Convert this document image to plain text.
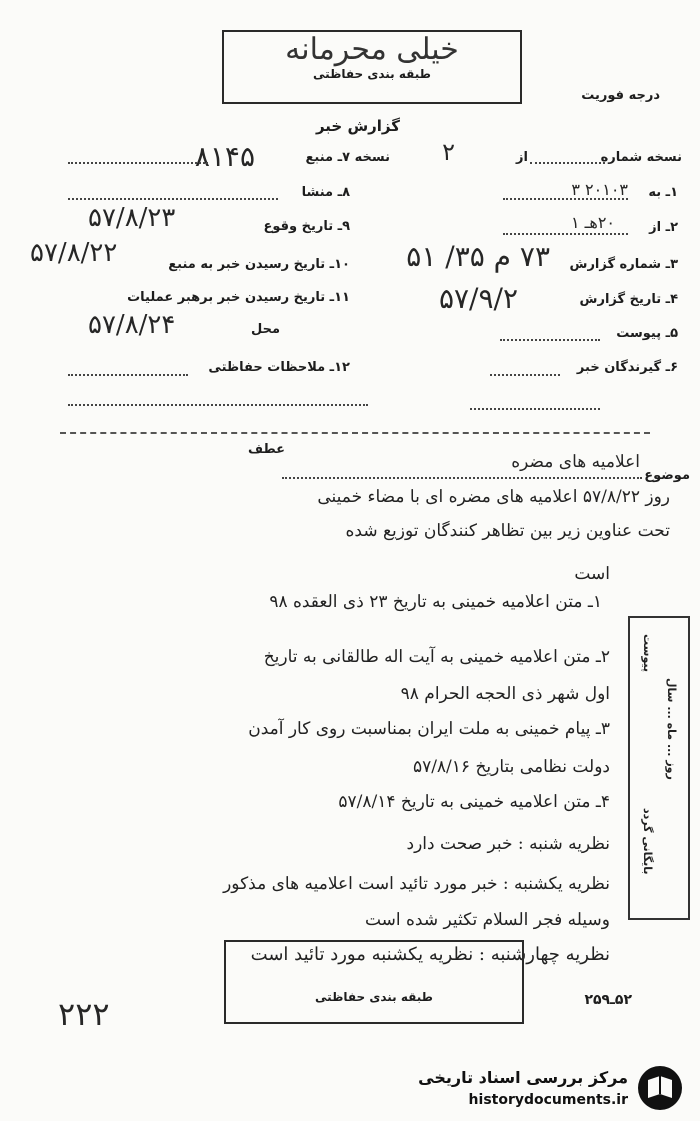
خیلی محرمانه
طبقه بندی حفاظتی
درجه فوریت
گزارش خبر
نسخه شماره
از
نسخه ۲
۱ـ به
۲۰۱۰۳ ۳
۲ـ از
۲۰هـ ۱
۳ـ شماره گزارش
۷۳ م ۳۵/ ۵۱
۴ـ تاریخ گزارش
۵۷/۹/۲
۵ـ پیوست
۶ـ گیرندگان خبر
۷ـ منبع
۸۱۴۵
۸ـ منشا
۹ـ تاریخ وقوع
۵۷/۸/۲۳
۱۰ـ تاریخ رسیدن خبر به منبع
۵۷/۸/۲۲
۱۱ـ تاریخ رسیدن خبر برهبر عملیات
محل
۵۷/۸/۲۴
۱۲ـ ملاحظات حفاظتی
عطف
موضوع
اعلامیه های مضره
روز ۵۷/۸/۲۲ اعلامیه های مضره ای با مضاء خمینی
تحت عناوین زیر بین تظاهر کنندگان توزیع شده
است
۱ـ متن اعلامیه خمینی به تاریخ ۲۳ ذی العقده ۹۸
۲ـ متن اعلامیه خمینی به آیت اله طالقانی به تاریخ
اول شهر ذی الحجه الحرام ۹۸
۳ـ پیام خمینی به ملت ایران بمناسبت روی کار آمدن
دولت نظامی بتاریخ ۵۷/۸/۱۶
۴ـ متن اعلامیه خمینی به تاریخ ۵۷/۸/۱۴
نظریه شنبه : خبر صحت دارد
نظریه یکشنبه : خبر مورد تائید است اعلامیه های مذکور
وسیله فجر السلام تکثیر شده است
نظریه چهارشنبه : نظریه یکشنبه مورد تائید است
پیوست
روز ... ماه ... سال
بایگانی گردد
طبقه بندی حفاظتی	۵۲ـ۲۵۹
۲۲۲
مرکز بررسی اسناد تاریخی
historydocuments.ir
